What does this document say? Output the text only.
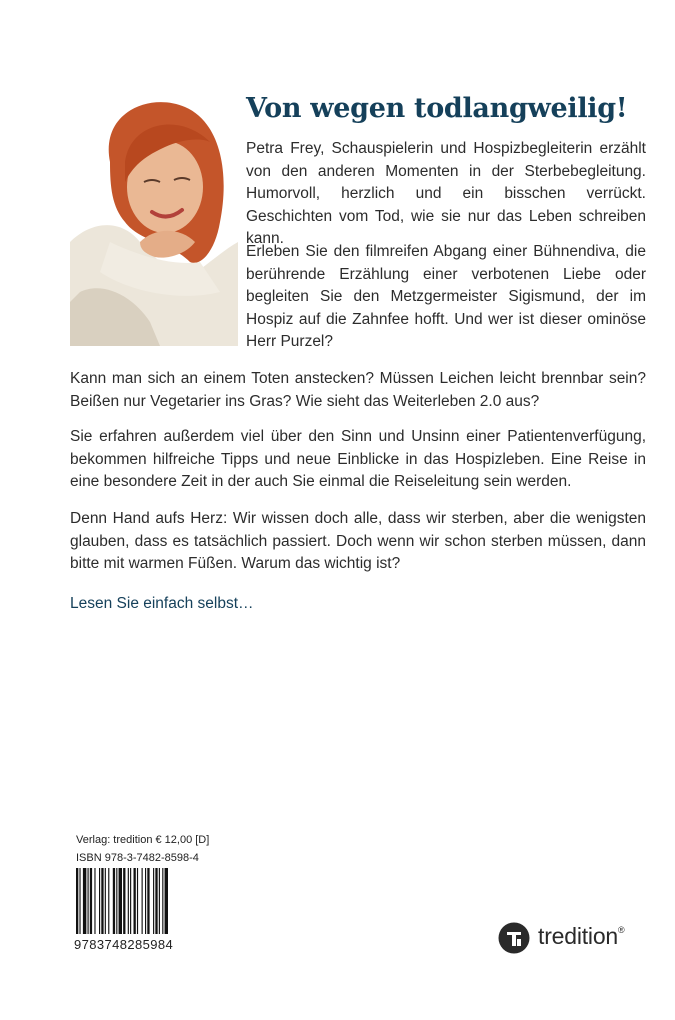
Von wegen todlangweilig!

Petra Frey, Schauspielerin und Hospizbegleiterin erzählt von den anderen Momenten in der Sterbebegleitung. Humorvoll, herzlich und ein bisschen verrückt. Geschichten vom Tod, wie sie nur das Leben schreiben kann.

Erleben Sie den filmreifen Abgang einer Bühnendiva, die berührende Erzählung einer verbotenen Liebe oder begleiten Sie den Metzgermeister Sigismund, der im Hospiz auf die Zahnfee hofft. Und wer ist dieser ominöse Herr Purzel?

Kann man sich an einem Toten anstecken? Müssen Leichen leicht brennbar sein? Beißen nur Vegetarier ins Gras? Wie sieht das Weiterleben 2.0 aus?

Sie erfahren außerdem viel über den Sinn und Unsinn einer Patientenverfügung, bekommen hilfreiche Tipps und neue Einblicke in das Hospizleben. Eine Reise in eine besondere Zeit in der auch Sie einmal die Reiseleitung sein werden.

Denn Hand aufs Herz: Wir wissen doch alle, dass wir sterben, aber die wenigsten glauben, dass es tatsächlich passiert. Doch wenn wir schon sterben müssen, dann bitte mit warmen Füßen. Warum das wichtig ist?

Lesen Sie einfach selbst…

Verlag: tredition € 12,00 [D]
ISBN 978-3-7482-8598-4
9783748285984	tredition®
